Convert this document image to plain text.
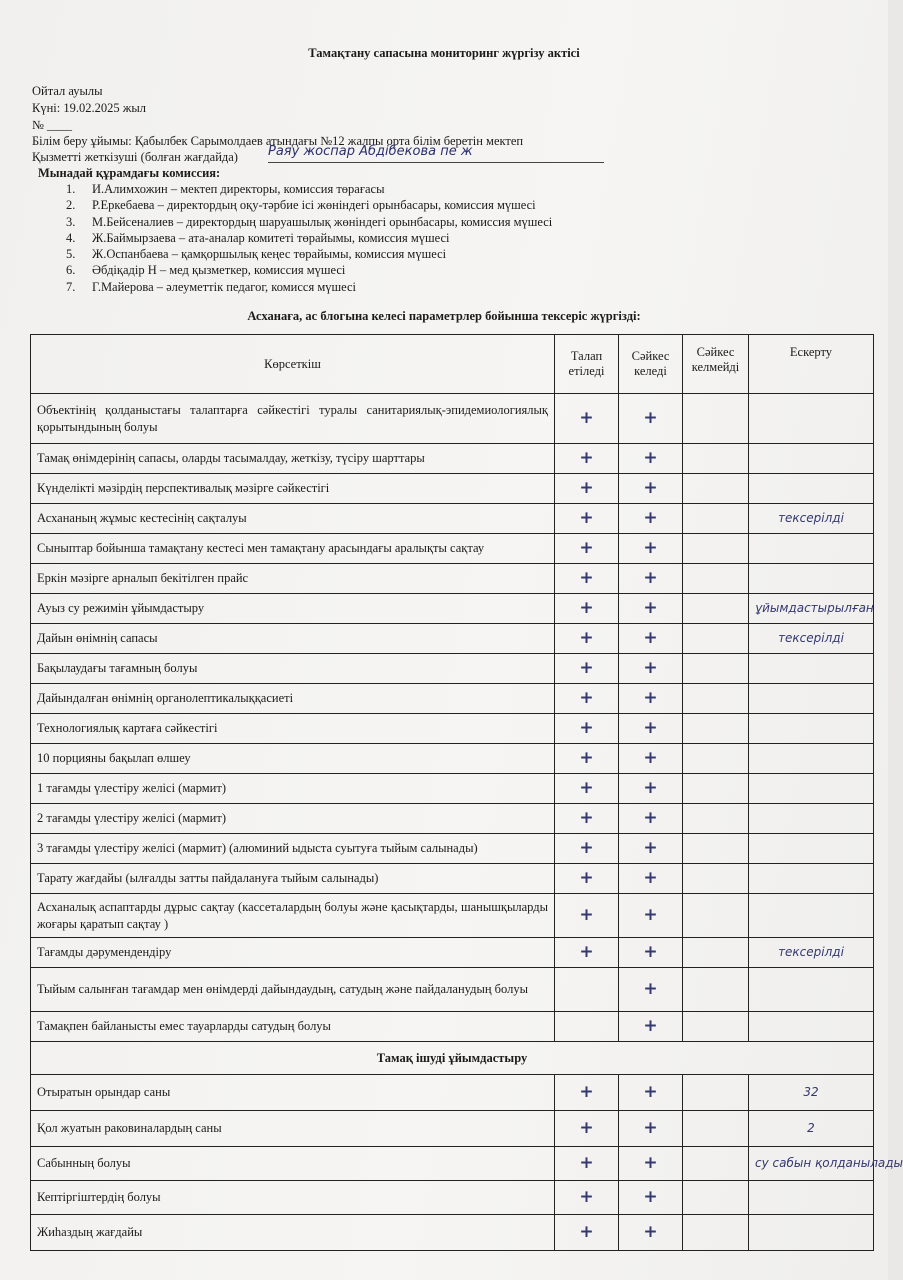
Тамақтану сапасына мониторинг жүргізу актісі
Ойтал ауылы
Күні: 19.02.2025 жыл
№ ____
Білім беру ұйымы: Қабылбек Сарымолдаев атындағы №12 жалпы орта білім беретін мектеп
Қызметті жеткізуші (болған жағдайда) Раяу жоспар Абдібекова пе ж
Мынадай құрамдағы комиссия:
1. И.Алимхожин – мектеп директоры, комиссия төрағасы
2. Р.Еркебаева – директордың оқу-тәрбие ісі жөніндегі орынбасары, комиссия мүшесі
3. М.Бейсеналиев – директордың шаруашылық жөніндегі орынбасары, комиссия мүшесі
4. Ж.Баймырзаева – ата-аналар комитеті төрайымы, комиссия мүшесі
5. Ж.Оспанбаева – қамқоршылық кеңес төрайымы, комиссия мүшесі
6. Әбдіқадір Н – мед қызметкер, комиссия мүшесі
7. Г.Майерова – әлеуметтік педагог, комисся мүшесі
Асханаға, ас блогына келесі параметрлер бойынша тексеріс жүргізді:
Көрсеткіш	Талап етіледі	Сәйкес келеді	Сәйкес келмейді	Ескерту
Объектінің қолданыстағы талаптарға сәйкестігі туралы санитариялық-эпидемиологиялық қорытындының болуы	+	+		
Тамақ өнімдерінің сапасы, оларды тасымалдау, жеткізу, түсіру шарттары	+	+		
Күнделікті мәзірдің перспективалық мәзірге сәйкестігі	+	+		
Асхананың жұмыс кестесінің сақталуы	+	+		тексерілді
Сыныптар бойынша тамақтану кестесі мен тамақтану арасындағы аралықты сақтау	+	+		
Еркін мәзірге арналып бекітілген прайс	+	+		
Ауыз су режимін ұйымдастыру	+	+		ұйымдастырылған
Дайын өнімнің сапасы	+	+		тексерілді
Бақылаудағы тағамның болуы	+	+		
Дайындалған өнімнің органолептикалыққасиеті	+	+		
Технологиялық картаға сәйкестігі	+	+		
10 порцияны бақылап өлшеу	+	+		
1 тағамды үлестіру желісі (мармит)	+	+		
2 тағамды үлестіру желісі (мармит)	+	+		
3 тағамды үлестіру желісі (мармит) (алюминий ыдыста суытуға тыйым салынады)	+	+		
Тарату жағдайы (ылғалды затты пайдалануға тыйым салынады)	+	+		
Асханалық аспаптарды дұрыс сақтау (кассеталардың болуы және қасықтарды, шанышқыларды жоғары қаратып сақтау )	+	+		
Тағамды дәрумендендіру	+	+		тексерілді
Тыйым салынған тағамдар мен өнімдерді дайындаудың, сатудың және пайдаланудың болуы		+		
Тамақпен байланысты емес тауарларды сатудың болуы		+		
Тамақ ішуді ұйымдастыру				
Отыратын орындар саны	+	+		32
Қол жуатын раковиналардың саны	+	+		2
Сабынның болуы	+	+		су сабын қолданылады
Кептіргіштердің болуы	+	+		
Жиһаздың жағдайы	+	+		
